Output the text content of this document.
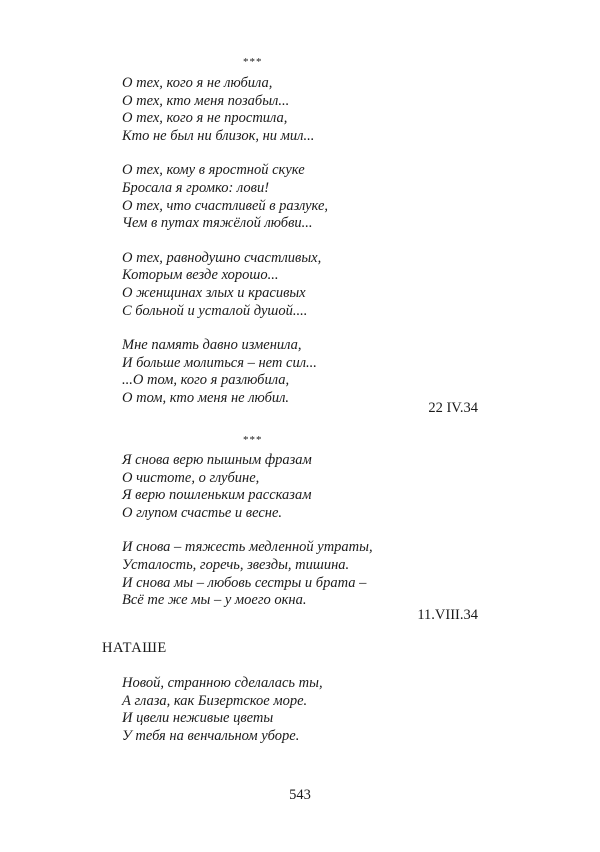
***
О тех, кого я не любила,
О тех, кто меня позабыл...
О тех, кого я не простила,
Кто не был ни близок, ни мил...
О тех, кому в яростной скуке
Бросала я громко: лови!
О тех, что счастливей в разлуке,
Чем в путах тяжёлой любви...
О тех, равнодушно счастливых,
Которым везде хорошо...
О женщинах злых и красивых
С больной и усталой душой....
Мне память давно изменила,
И больше молиться – нет сил...
...О том, кого я разлюбила,
О том, кто меня не любил.
22 IV.34
***
Я снова верю пышным фразам
О чистоте, о глубине,
Я верю пошленьким рассказам
О глупом счастье и весне.
И снова – тяжесть медленной утраты,
Усталость, горечь, звезды, тишина.
И снова мы – любовь сестры и брата –
Всё те же мы – у моего окна.
11.VIII.34
НАТАШЕ
Новой, странною сделалась ты,
А глаза, как Бизертское море.
И цвели неживые цветы
У тебя на венчальном уборе.
543
